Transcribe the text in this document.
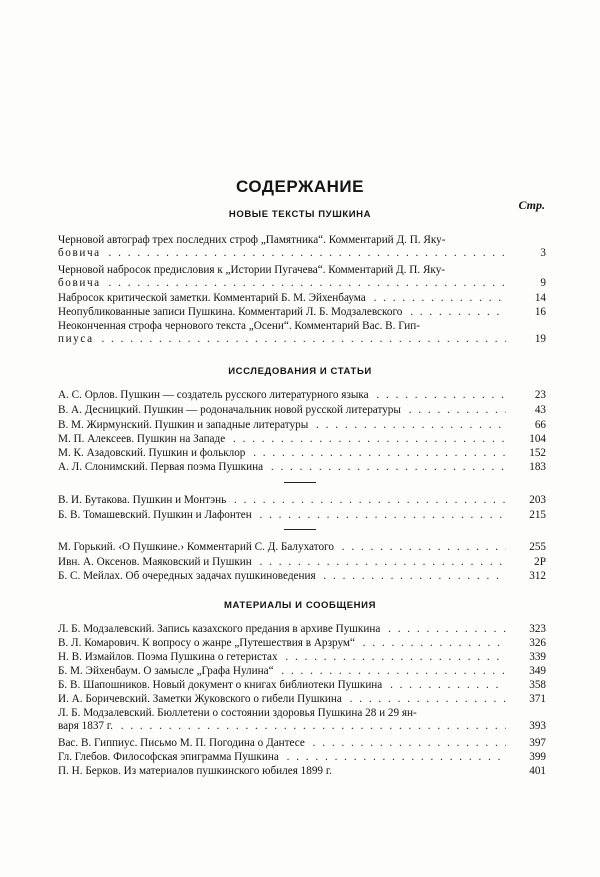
СОДЕРЖАНИЕ
Стр.
НОВЫЕ ТЕКСТЫ ПУШКИНА
Черновой автограф трех последних строф „Памятника“. Комментарий Д. П. Яку-
бовича . . .	3
Черновой набросок предисловия к „Истории Пугачева“. Комментарий Д. П. Яку-
бовича . . .	9
Набросок критической заметки. Комментарий Б. М. Эйхенбаума . . .	14
Неопубликованные записи Пушкина. Комментарий Л. Б. Модзалевского . . .	16
Неоконченная строфа чернового текста „Осени“. Комментарий Вас. В. Гип-
пиуса . . .	19
ИССЛЕДОВАНИЯ И СТАТЬИ
А. С. Орлов. Пушкин — создатель русского литературного языка . . .	23
В. А. Десницкий. Пушкин — родоначальник новой русской литературы . . .	43
В. М. Жирмунский. Пушкин и западные литературы . . .	66
М. П. Алексеев. Пушкин на Западе . . .	104
М. К. Азадовский. Пушкин и фольклор . . .	152
А. Л. Слонимский. Первая поэма Пушкина . . .	183
В. И. Бутакова. Пушкин и Монтэнь . . .	203
Б. В. Томашевский. Пушкин и Лафонтен . . .	215
М. Горький. ‹О Пушкине.› Комментарий С. Д. Балухатого . . .	255
Ивн. А. Оксенов. Маяковский и Пушкин . . .	2P
Б. С. Мейлах. Об очередных задачах пушкиноведения . . .	312
МАТЕРИАЛЫ И СООБЩЕНИЯ
Л. Б. Модзалевский. Запись казахского предания в архиве Пушкина . . .	323
В. Л. Комарович. К вопросу о жанре „Путешествия в Арзрум“ . . .	326
Н. В. Измайлов. Поэма Пушкина о гетеристах . . .	339
Б. М. Эйхенбаум. О замысле „Графа Нулина“ . . .	349
Б. В. Шапошников. Новый документ о книгах библиотеки Пушкина . . .	358
И. А. Боричевский. Заметки Жуковского о гибели Пушкина . . .	371
Л. Б. Модзалевский. Бюллетени о состоянии здоровья Пушкина 28 и 29 ян-
варя 1837 г. . . .	393
Вас. В. Гиппиус. Письмо М. П. Погодина о Дантесе . . .	397
Гл. Глебов. Философская эпиграмма Пушкина . . .	399
П. Н. Берков. Из материалов пушкинского юбилея 1899 г.	401
